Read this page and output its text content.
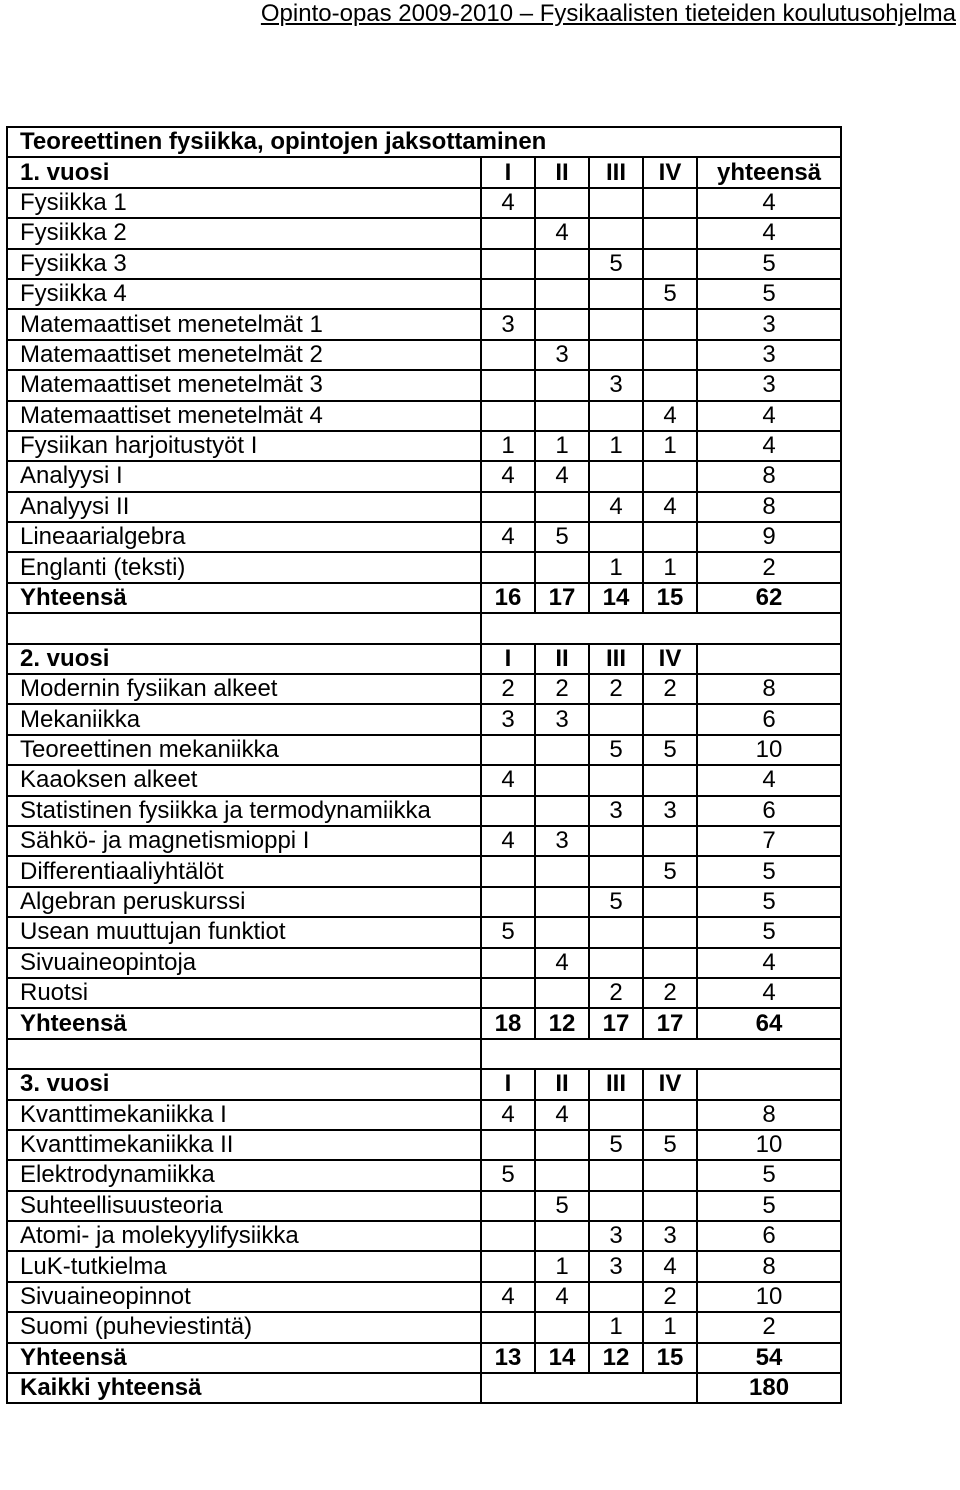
Opinto-opas 2009-2010 – Fysikaalisten tieteiden koulutusohjelma
Teoreettinen fysiikka, opintojen jaksottaminen					
1. vuosi	I	II	III	IV	yhteensä
Fysiikka 1	4				4
Fysiikka 2		4			4
Fysiikka 3			5		5
Fysiikka 4				5	5
Matemaattiset menetelmät 1	3				3
Matemaattiset menetelmät 2		3			3
Matemaattiset menetelmät 3			3		3
Matemaattiset menetelmät 4				4	4
Fysiikan harjoitustyöt I	1	1	1	1	4
Analyysi I	4	4			8
Analyysi II			4	4	8
Lineaarialgebra	4	5			9
Englanti (teksti)			1	1	2
Yhteensä	16	17	14	15	62

2. vuosi	I	II	III	IV	
Modernin fysiikan alkeet	2	2	2	2	8
Mekaniikka	3	3			6
Teoreettinen mekaniikka			5	5	10
Kaaoksen alkeet	4				4
Statistinen fysiikka ja termodynamiikka			3	3	6
Sähkö- ja magnetismioppi I	4	3			7
Differentiaaliyhtälöt				5	5
Algebran peruskurssi			5		5
Usean muuttujan funktiot	5				5
Sivuaineopintoja		4			4
Ruotsi			2	2	4
Yhteensä	18	12	17	17	64

3. vuosi	I	II	III	IV	
Kvanttimekaniikka I	4	4			8
Kvanttimekaniikka II			5	5	10
Elektrodynamiikka	5				5
Suhteellisuusteoria		5			5
Atomi- ja molekyylifysiikka			3	3	6
LuK-tutkielma		1	3	4	8
Sivuaineopinnot	4	4		2	10
Suomi (puheviestintä)			1	1	2
Yhteensä	13	14	12	15	54
Kaikki yhteensä					180
